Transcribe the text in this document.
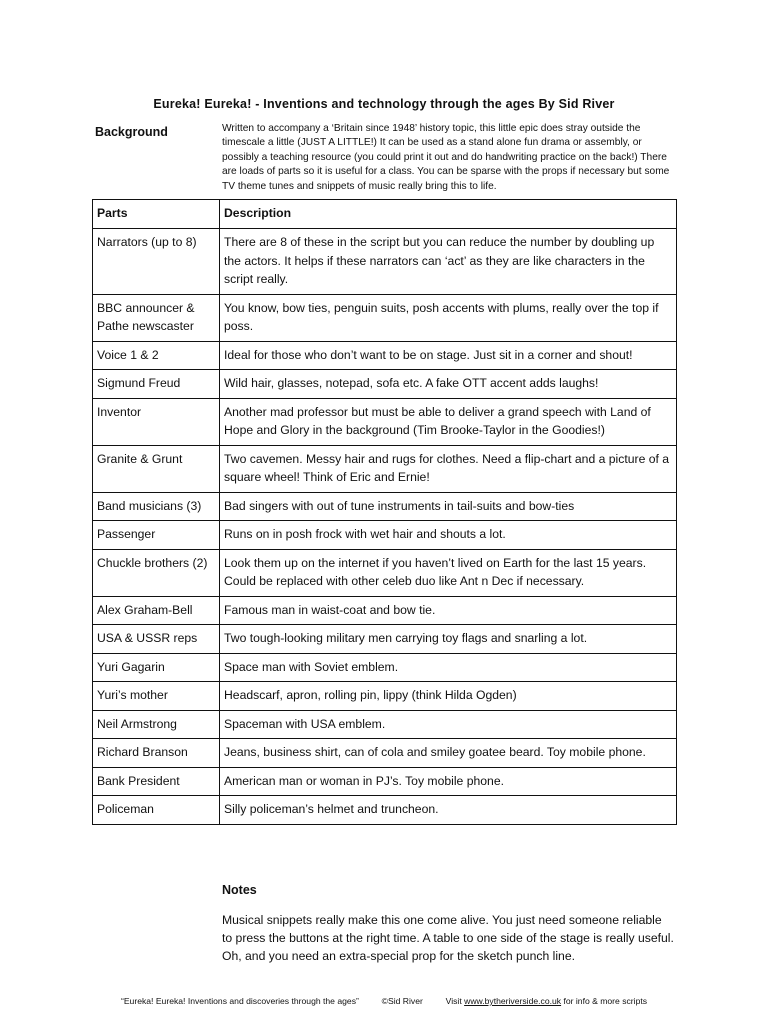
Eureka! Eureka! - Inventions and technology through the ages By Sid River
Background	Written to accompany a ‘Britain since 1948’ history topic, this little epic does stray outside the timescale a little (JUST A LITTLE!) It can be used as a stand alone fun drama or assembly, or possibly a teaching resource (you could print it out and do handwriting practice on the back!) There are loads of parts so it is useful for a class. You can be sparse with the props if necessary but some TV theme tunes and snippets of music really bring this to life.
Parts	Description
Narrators (up to 8)	There are 8 of these in the script but you can reduce the number by doubling up the actors. It helps if these narrators can ‘act’ as they are like characters in the script really.
BBC announcer & Pathe newscaster	You know, bow ties, penguin suits, posh accents with plums, really over the top if poss.
Voice 1 & 2	Ideal for those who don’t want to be on stage. Just sit in a corner and shout!
Sigmund Freud	Wild hair, glasses, notepad, sofa etc. A fake OTT accent adds laughs!
Inventor	Another mad professor but must be able to deliver a grand speech with Land of Hope and Glory in the background (Tim Brooke-Taylor in the Goodies!)
Granite & Grunt	Two cavemen. Messy hair and rugs for clothes. Need a flip-chart and a picture of a square wheel! Think of Eric and Ernie!
Band musicians (3)	Bad singers with out of tune instruments in tail-suits and bow-ties
Passenger	Runs on in posh frock with wet hair and shouts a lot.
Chuckle brothers (2)	Look them up on the internet if you haven’t lived on Earth for the last 15 years. Could be replaced with other celeb duo like Ant n Dec if necessary.
Alex Graham-Bell	Famous man in waist-coat and bow tie.
USA & USSR reps	Two tough-looking military men carrying toy flags and snarling a lot.
Yuri Gagarin	Space man with Soviet emblem.
Yuri’s mother	Headscarf, apron, rolling pin, lippy (think Hilda Ogden)
Neil Armstrong	Spaceman with USA emblem.
Richard Branson	Jeans, business shirt, can of cola and smiley goatee beard. Toy mobile phone.
Bank President	American man or woman in PJ’s. Toy mobile phone.
Policeman	Silly policeman’s helmet and truncheon.
Notes
Musical snippets really make this one come alive. You just need someone reliable to press the buttons at the right time. A table to one side of the stage is really useful. Oh, and you need an extra-special prop for the sketch punch line.
“Eureka! Eureka! Inventions and discoveries through the ages”	©Sid River	Visit www.bytheriverside.co.uk for info & more scripts
